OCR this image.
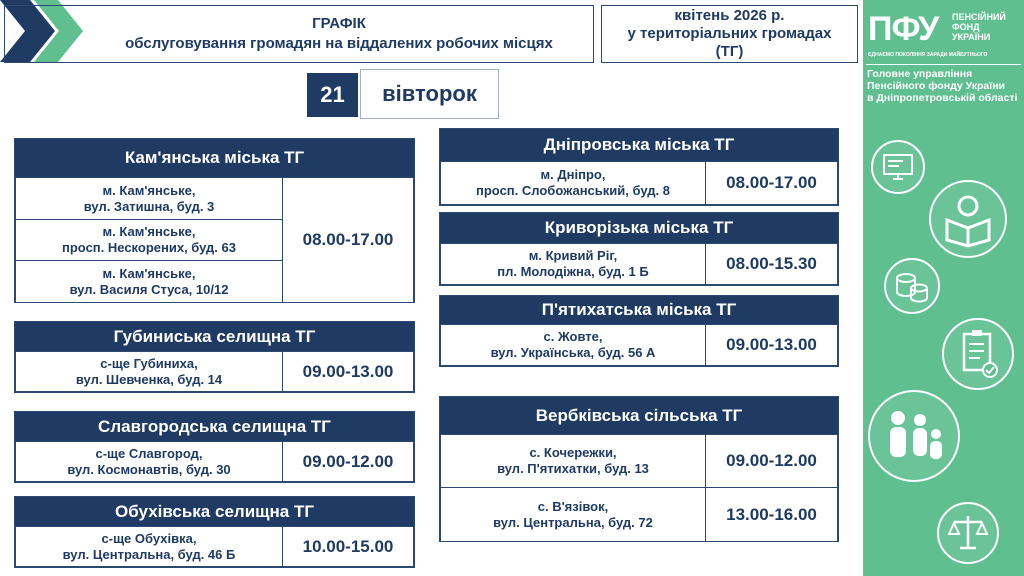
ГРАФІК
обслуговування громадян на віддалених робочих місцях
квітень 2026 р.
у територіальних громадах
(ТГ)
21	вівторок
Кам'янська міська ТГ
м. Кам'янське,
вул. Затишна, буд. 3
	08.00-17.00

м. Кам'янське,
просп. Нескорених, буд. 63

м. Кам'янське,
вул. Василя Стуса, 10/12
Губиниська селищна ТГ
с-ще Губиниха,
вул. Шевченка, буд. 14	09.00-13.00
Славгородська селищна ТГ
с-ще Славгород,
вул. Космонавтів, буд. 30	09.00-12.00
Обухівська селищна ТГ
с-ще Обухівка,
вул. Центральна, буд. 46 Б	10.00-15.00
Дніпровська міська ТГ
м. Дніпро,
просп. Слобожанський, буд. 8	08.00-17.00
Криворізька міська ТГ
м. Кривий Ріг,
пл. Молодіжна, буд. 1 Б	08.00-15.30
П'ятихатська міська ТГ
с. Жовте,
вул. Українська, буд. 56 А	09.00-13.00
Вербківська сільська ТГ
с. Кочережки,
вул. П'ятихатки, буд. 13	09.00-12.00

с. В'язівок,
вул. Центральна, буд. 72	13.00-16.00
ПФУ ПЕНСІЙНИЙ
ФОНД
УКРАЇНИ
ЄДНАЄМО ПОКОЛІННЯ ЗАРАДИ МАЙБУТНЬОГО
Головне управління
Пенсійного фонду України
в Дніпропетровській області
